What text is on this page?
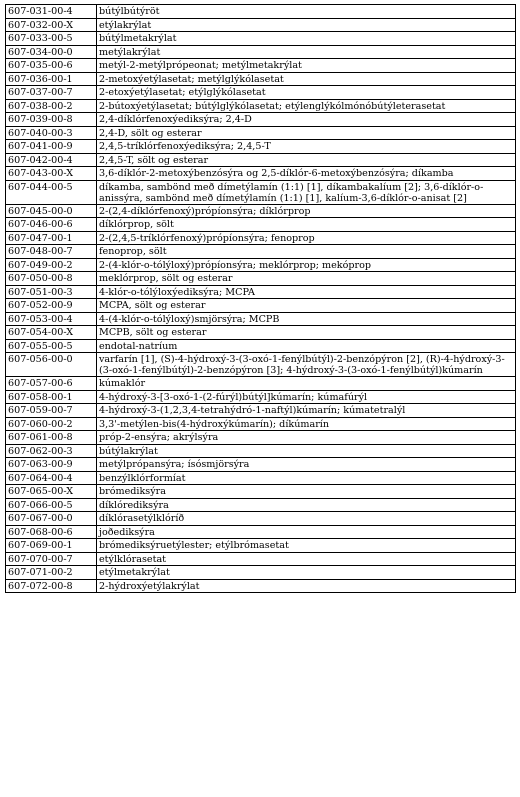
607-031-00-4	bútýlbútýröt
607-032-00-X	etýlakrýlat
607-033-00-5	bútýlmetakrýlat
607-034-00-0	metýlakrýlat
607-035-00-6	metýl-2-metýlprópeonat; metýlmetakrýlat
607-036-00-1	2-metoxýetýlasetat; metýlglýkólasetat
607-037-00-7	2-etoxýetýlasetat; etýlglýkólasetat
607-038-00-2	2-bútoxýetýlasetat; bútýlglýkólasetat; etýlenglýkólmónóbútýleterasetat
607-039-00-8	2,4-díklórfenoxýediksýra; 2,4-D
607-040-00-3	2,4-D, sölt og esterar
607-041-00-9	2,4,5-tríklórfenoxýediksýra; 2,4,5-T
607-042-00-4	2,4,5-T, sölt og esterar
607-043-00-X	3,6-díklór-2-metoxýbenzósýra og 2,5-díklór-6-metoxýbenzósýra; díkamba
607-044-00-5	díkamba, sambönd með dímetýlamín (1:1) [1], díkambakalíum [2]; 3,6-díklór-o-anissýra, sambönd með dímetýlamín (1:1) [1], kalíum-3,6-díklór-o-anisat [2]
607-045-00-0	2-(2,4-díklórfenoxý)própíonsýra; díklórprop
607-046-00-6	díklórprop, sölt
607-047-00-1	2-(2,4,5-tríklórfenoxý)própíonsýra; fenoprop
607-048-00-7	fenoprop, sölt
607-049-00-2	2-(4-klór-o-tólýloxý)própíonsýra; meklórprop; mekóprop
607-050-00-8	meklórprop, sölt og esterar
607-051-00-3	4-klór-o-tólýloxýediksýra; MCPA
607-052-00-9	MCPA, sölt og esterar
607-053-00-4	4-(4-klór-o-tólýloxý)smjörsýra; MCPB
607-054-00-X	MCPB, sölt og esterar
607-055-00-5	endotal-natríum
607-056-00-0	varfarín [1], (S)-4-hýdroxý-3-(3-oxó-1-fenýlbútýl)-2-benzópýron [2], (R)-4-hýdroxý-3-(3-oxó-1-fenýlbútýl)-2-benzópýron [3]; 4-hýdroxý-3-(3-oxó-1-fenýlbútýl)kúmarín
607-057-00-6	kúmaklór
607-058-00-1	4-hýdroxý-3-[3-oxó-1-(2-fúrýl)bútýl]kúmarín; kúmafúrýl
607-059-00-7	4-hýdroxý-3-(1,2,3,4-tetrahýdró-1-naftýl)kúmarín; kúmatetralýl
607-060-00-2	3,3'-metýlen-bis(4-hýdroxýkúmarín); díkúmarín
607-061-00-8	próp-2-ensýra; akrýlsýra
607-062-00-3	bútýlakrýlat
607-063-00-9	metýlprópansýra; ísósmjörsýra
607-064-00-4	benzýlklórformíat
607-065-00-X	brómediksýra
607-066-00-5	díklórediksýra
607-067-00-0	díklórasetýlklóríð
607-068-00-6	joðediksýra
607-069-00-1	brómediksýruetýlester; etýlbrómasetat
607-070-00-7	etýlklórasetat
607-071-00-2	etýlmetakrýlat
607-072-00-8	2-hýdroxýetýlakrýlat
